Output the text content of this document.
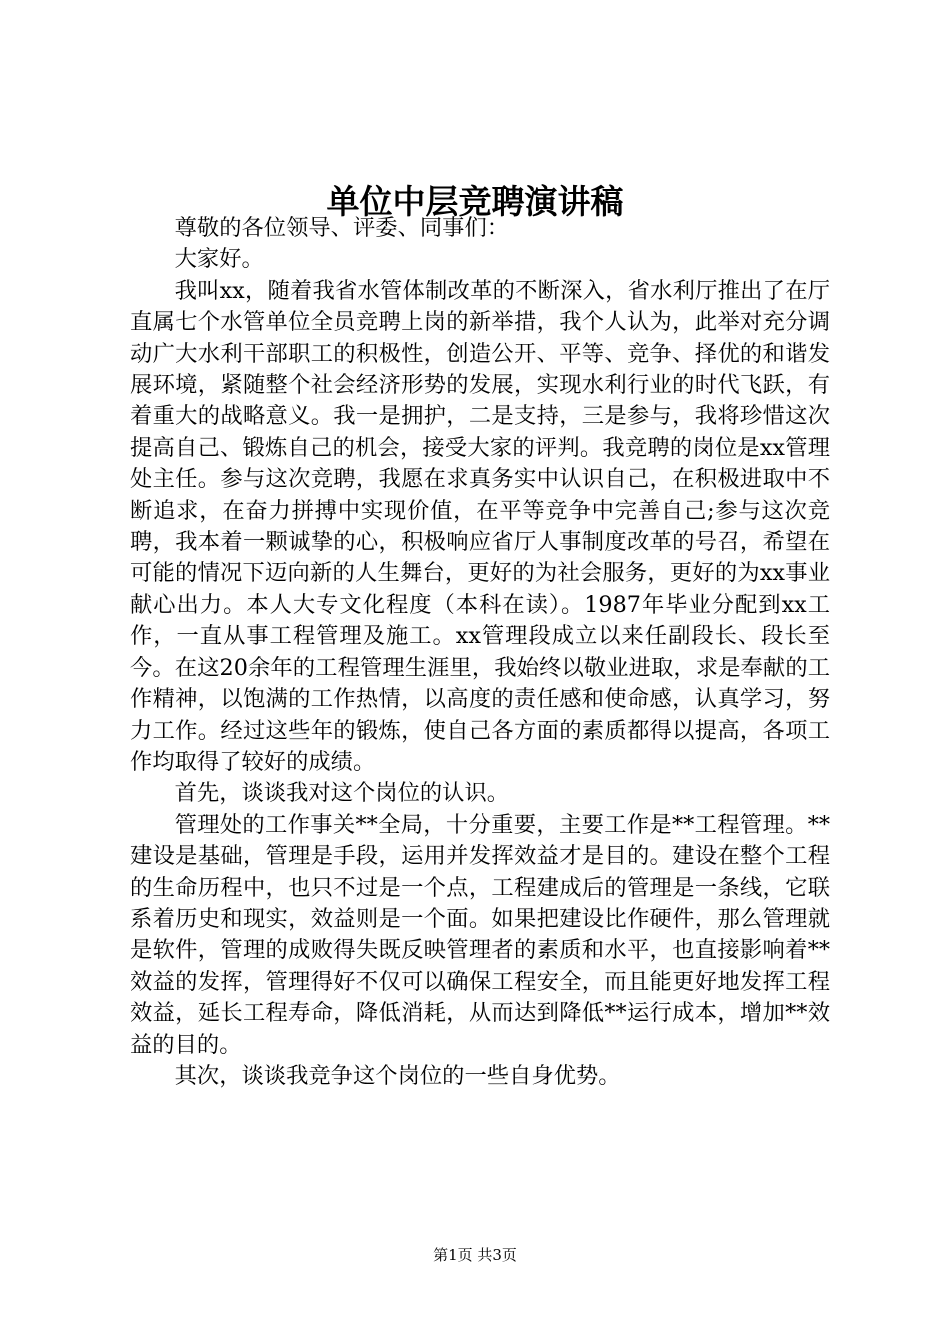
单位中层竞聘演讲稿

尊敬的各位领导、评委、同事们：

大家好。

我叫xx，随着我省水管体制改革的不断深入，省水利厅推出了在厅直属七个水管单位全员竞聘上岗的新举措，我个人认为，此举对充分调动广大水利干部职工的积极性，创造公开、平等、竞争、择优的和谐发展环境，紧随整个社会经济形势的发展，实现水利行业的时代飞跃，有着重大的战略意义。我一是拥护，二是支持，三是参与，我将珍惜这次提高自己、锻炼自己的机会，接受大家的评判。我竞聘的岗位是xx管理处主任。参与这次竞聘，我愿在求真务实中认识自己，在积极进取中不断追求，在奋力拼搏中实现价值，在平等竞争中完善自己;参与这次竞聘，我本着一颗诚挚的心，积极响应省厅人事制度改革的号召，希望在可能的情况下迈向新的人生舞台，更好的为社会服务，更好的为xx事业献心出力。本人大专文化程度（本科在读）。1987年毕业分配到xx工作，一直从事工程管理及施工。xx管理段成立以来任副段长、段长至今。在这20余年的工程管理生涯里，我始终以敬业进取，求是奉献的工作精神，以饱满的工作热情，以高度的责任感和使命感，认真学习，努力工作。经过这些年的锻炼，使自己各方面的素质都得以提高，各项工作均取得了较好的成绩。

首先，谈谈我对这个岗位的认识。

管理处的工作事关**全局，十分重要，主要工作是**工程管理。**建设是基础，管理是手段，运用并发挥效益才是目的。建设在整个工程的生命历程中，也只不过是一个点，工程建成后的管理是一条线，它联系着历史和现实，效益则是一个面。如果把建设比作硬件，那么管理就是软件，管理的成败得失既反映管理者的素质和水平，也直接影响着**效益的发挥，管理得好不仅可以确保工程安全，而且能更好地发挥工程效益，延长工程寿命，降低消耗，从而达到降低**运行成本，增加**效益的目的。

其次，谈谈我竞争这个岗位的一些自身优势。

第1页 共3页
